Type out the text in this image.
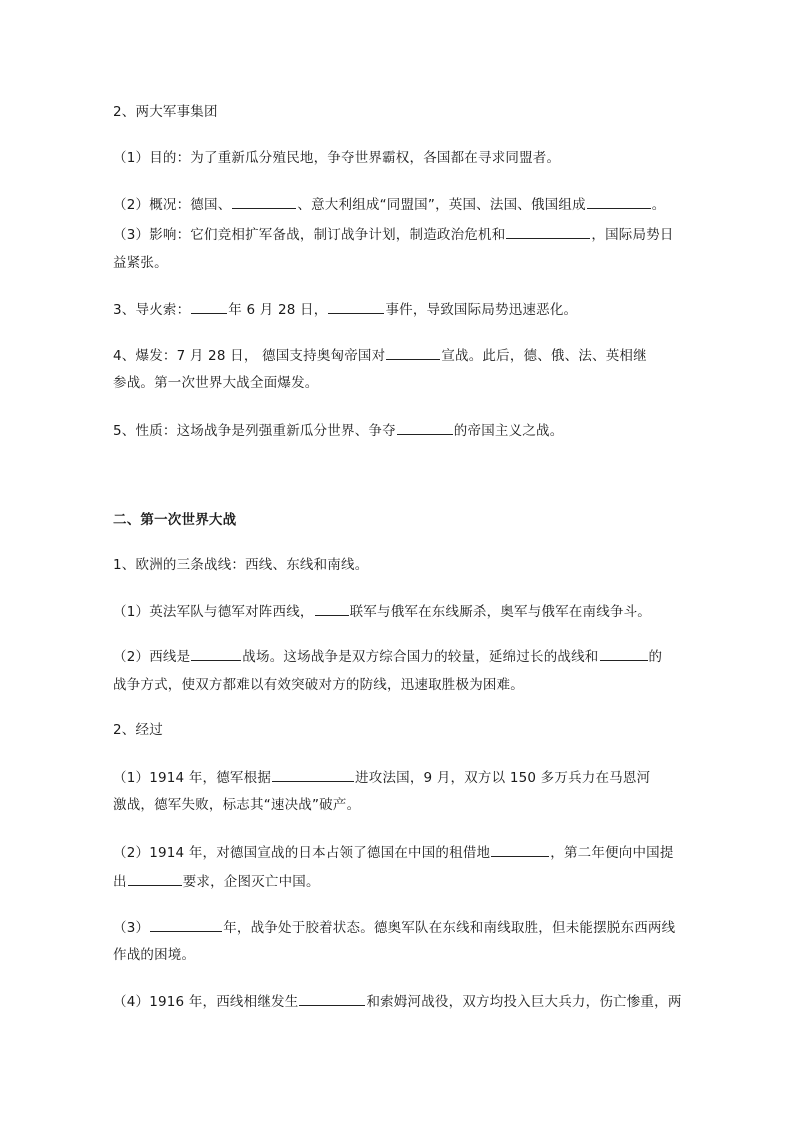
2、两大军事集团
（1）目的：为了重新瓜分殖民地，争夺世界霸权，各国都在寻求同盟者。
（2）概况：德国、	、意大利组成“同盟国”，英国、法国、俄国组成	。
（3）影响：它们竞相扩军备战，制订战争计划，制造政治危机和	，国际局势日
益紧张。
3、导火索：	年 6 月 28 日，	事件，导致国际局势迅速恶化。
4、爆发：7 月 28 日， 德国支持奥匈帝国对	宣战。此后，德、俄、法、英相继
参战。第一次世界大战全面爆发。
5、性质：这场战争是列强重新瓜分世界、争夺	的帝国主义之战。
二、第一次世界大战
1、欧洲的三条战线：西线、东线和南线。
（1）英法军队与德军对阵西线，	联军与俄军在东线厮杀，奥军与俄军在南线争斗。
（2）西线是	战场。这场战争是双方综合国力的较量，延绵过长的战线和	的
战争方式，使双方都难以有效突破对方的防线，迅速取胜极为困难。
2、经过
（1）1914 年，德军根据	进攻法国，9 月，双方以 150 多万兵力在马恩河
激战，德军失败，标志其“速决战”破产。
（2）1914 年，对德国宣战的日本占领了德国在中国的租借地	，第二年便向中国提
出	要求，企图灭亡中国。
（3）	年，战争处于胶着状态。德奥军队在东线和南线取胜，但未能摆脱东西两线
作战的困境。
（4）1916 年，西线相继发生	和索姆河战役，双方均投入巨大兵力，伤亡惨重，两
